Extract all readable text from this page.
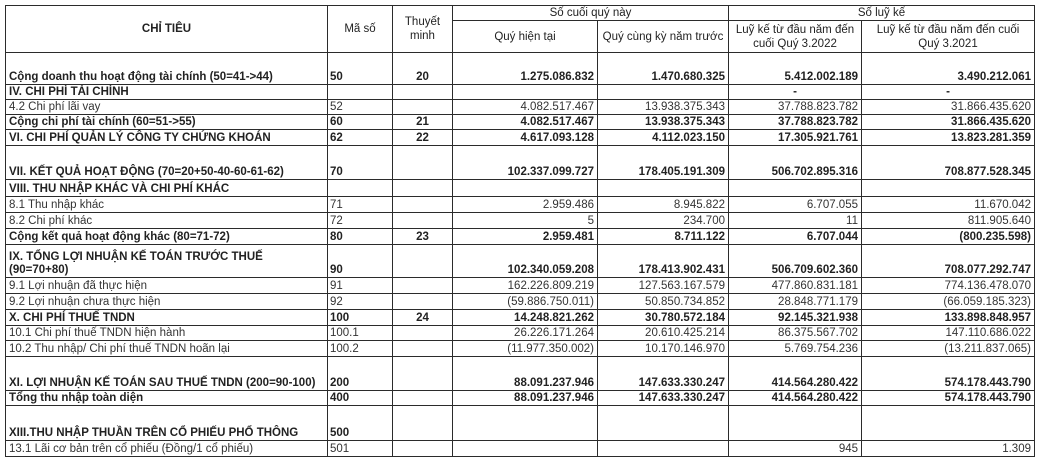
CHỈ TIÊU	Mã số	Thuyết minh	Số cuối quý này		Số luỹ kế	
			Quý hiện tại	Quý cùng kỳ năm trước	Luỹ kế từ đầu năm đến cuối Quý 3.2022	Luỹ kế từ đầu năm đến cuối Quý 3.2021
Cộng doanh thu hoạt động tài chính (50=41->44)	50	20	1.275.086.832	1.470.680.325	5.412.002.189	3.490.212.061
IV. CHI PHÍ TÀI CHÍNH					-	-
4.2 Chi phí lãi vay	52		4.082.517.467	13.938.375.343	37.788.823.782	31.866.435.620
Cộng chi phí tài chính (60=51->55)	60	21	4.082.517.467	13.938.375.343	37.788.823.782	31.866.435.620
VI. CHI PHÍ QUẢN LÝ CÔNG TY CHỨNG KHOÁN	62	22	4.617.093.128	4.112.023.150	17.305.921.761	13.823.281.359
VII. KẾT QUẢ HOẠT ĐỘNG (70=20+50-40-60-61-62)	70		102.337.099.727	178.405.191.309	506.702.895.316	708.877.528.345
VIII. THU NHẬP KHÁC VÀ CHI PHÍ KHÁC						
8.1 Thu nhập khác	71		2.959.486	8.945.822	6.707.055	11.670.042
8.2 Chi phí khác	72		5	234.700	11	811.905.640
Cộng kết quả hoạt động khác (80=71-72)	80	23	2.959.481	8.711.122	6.707.044	(800.235.598)
IX. TỔNG LỢI NHUẬN KẾ TOÁN TRƯỚC THUẾ (90=70+80)	90		102.340.059.208	178.413.902.431	506.709.602.360	708.077.292.747
9.1 Lợi nhuận đã thực hiện	91		162.226.809.219	127.563.167.579	477.860.831.181	774.136.478.070
9.2 Lợi nhuận chưa thực hiện	92		(59.886.750.011)	50.850.734.852	28.848.771.179	(66.059.185.323)
X. CHI PHÍ THUẾ TNDN	100	24	14.248.821.262	30.780.572.184	92.145.321.938	133.898.848.957
10.1 Chi phí thuế TNDN hiện hành	100.1		26.226.171.264	20.610.425.214	86.375.567.702	147.110.686.022
10.2 Thu nhập/ Chi phí thuế TNDN hoãn lại	100.2		(11.977.350.002)	10.170.146.970	5.769.754.236	(13.211.837.065)
XI. LỢI NHUẬN KẾ TOÁN SAU THUẾ TNDN (200=90-100)	200		88.091.237.946	147.633.330.247	414.564.280.422	574.178.443.790
Tổng thu nhập toàn diện	400		88.091.237.946	147.633.330.247	414.564.280.422	574.178.443.790
XIII.THU NHẬP THUẦN TRÊN CỔ PHIẾU PHỔ THÔNG	500					
13.1 Lãi cơ bản trên cổ phiếu (Đồng/1 cổ phiếu)	501				945	1.309
